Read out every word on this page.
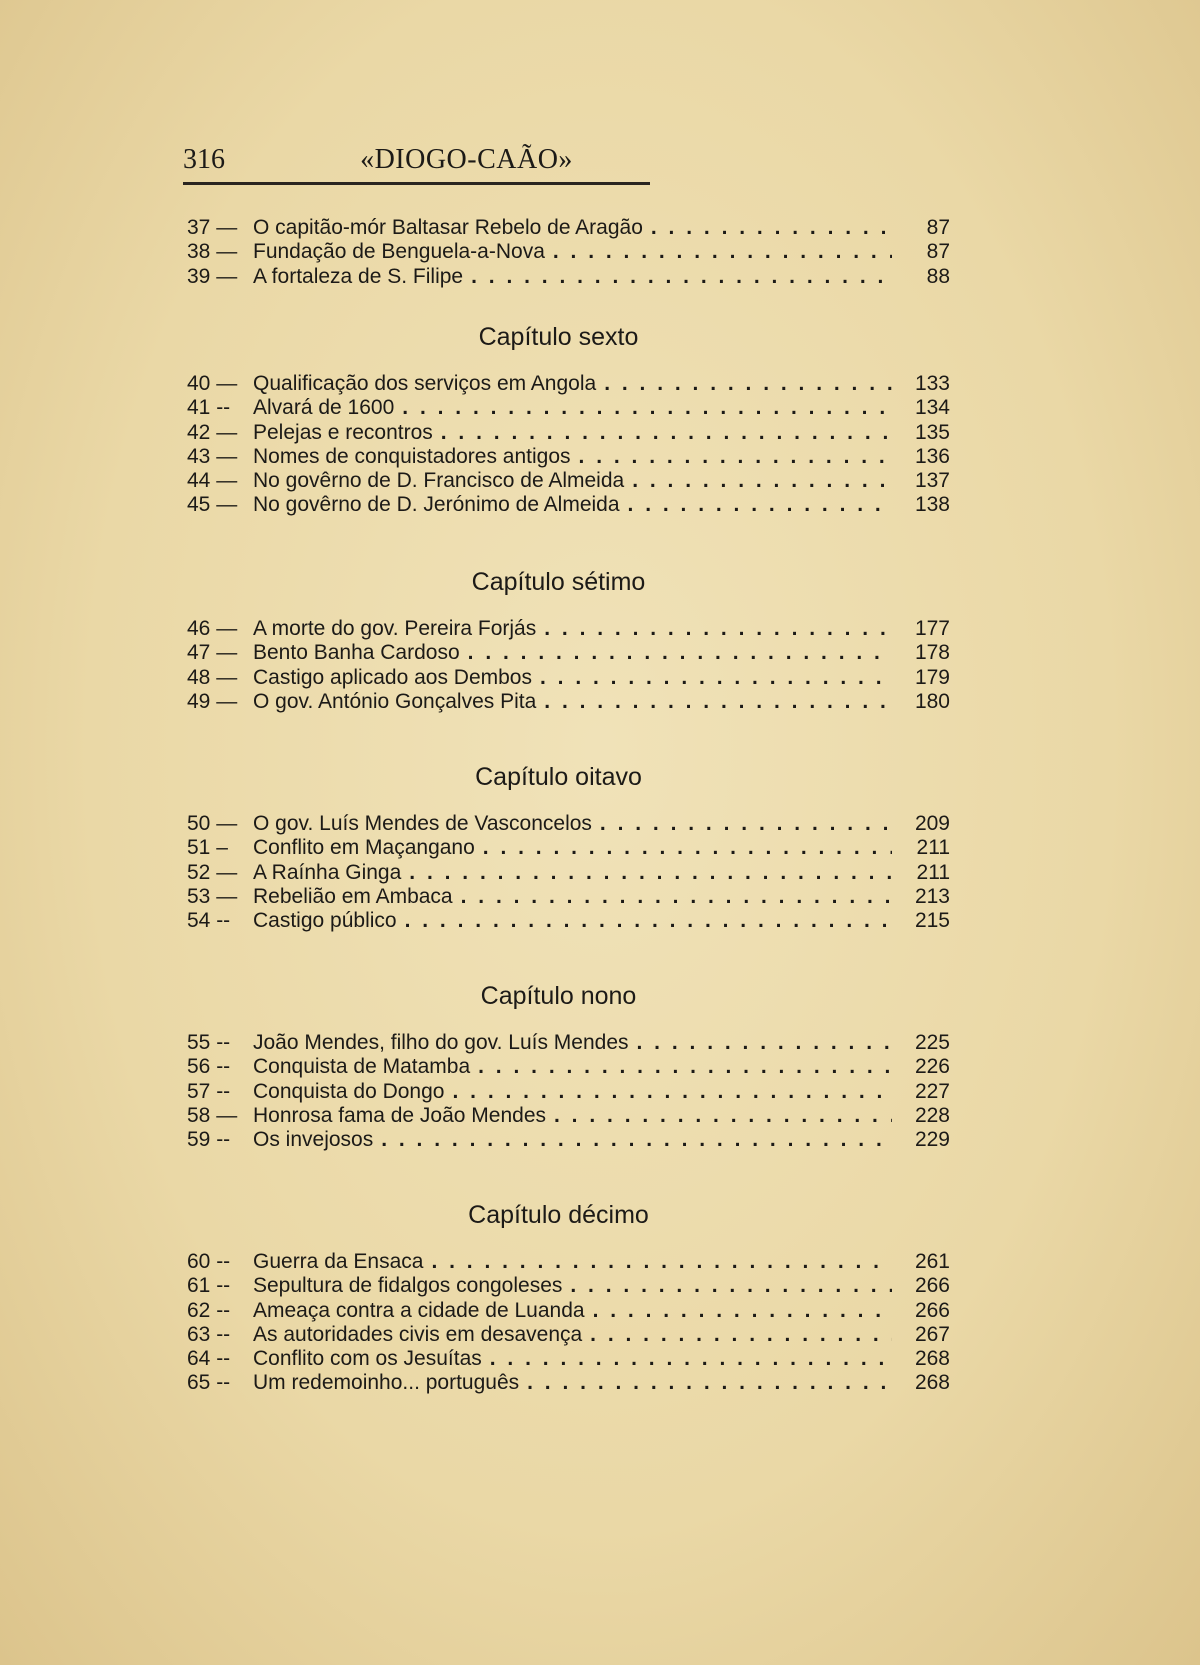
316	«DIOGO-CAÃO»
37 — O capitão-mór Baltasar Rebelo de Aragão . . .	87
38 — Fundação de Benguela-a-Nova . . .	87
39 — A fortaleza de S. Filipe . . .	88
Capítulo sexto
40 — Qualificação dos serviços em Angola . . .	133
41 --	Alvará de 1600 . . .	134
42 — Pelejas e recontros . . .	135
43 — Nomes de conquistadores antigos . . .	136
44 — No govêrno de D. Francisco de Almeida . . .	137
45 — No govêrno de D. Jerónimo de Almeida . . .	138
Capítulo sétimo
46 — A morte do gov. Pereira Forjás . . .	177
47 — Bento Banha Cardoso . . .	178
48 — Castigo aplicado aos Dembos . . .	179
49 — O gov. António Gonçalves Pita . . .	180
Capítulo oitavo
50 — O gov. Luís Mendes de Vasconcelos . . .	209
51 –	Conflito em Maçangano . . .	211
52 — A Raínha Ginga . . .	211
53 — Rebelião em Ambaca . . .	213
54 --	Castigo público . . .	215
Capítulo nono
55 --	João Mendes, filho do gov. Luís Mendes . . .	225
56 --	Conquista de Matamba . . .	226
57 --	Conquista do Dongo . . .	227
58 — Honrosa fama de João Mendes . . .	228
59 --	Os invejosos . . .	229
Capítulo décimo
60 --	Guerra da Ensaca . . .	261
61 --	Sepultura de fidalgos congoleses . . .	266
62 --	Ameaça contra a cidade de Luanda . . .	266
63 --	As autoridades civis em desavença . . .	267
64 --	Conflito com os Jesuítas . . .	268
65 --	Um redemoinho... português . . .	268
